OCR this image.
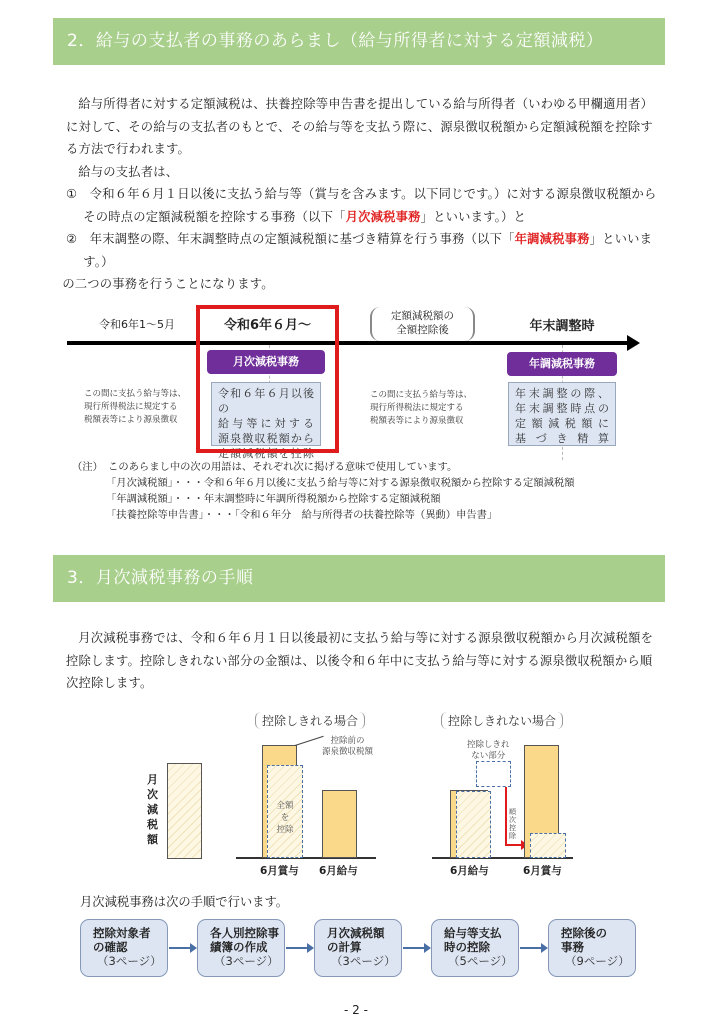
2．給与の支払者の事務のあらまし（給与所得者に対する定額減税）

給与所得者に対する定額減税は、扶養控除等申告書を提出している給与所得者（いわゆる甲欄適用者）に対して、その給与の支払者のもとで、その給与等を支払う際に、源泉徴収税額から定額減税額を控除する方法で行われます。

給与の支払者は、

①　令和６年６月１日以後に支払う給与等（賞与を含みます。以下同じです。）に対する源泉徴収税額からその時点の定額減税額を控除する事務（以下「月次減税事務」といいます。）と

②　年末調整の際、年末調整時点の定額減税額に基づき精算を行う事務（以下「年調減税事務」といいます。）

の二つの事務を行うことになります。

令和6年1～5月	令和6年６月～
定額減税額の
全額控除後	年末調整時
月次減税事務	年調減税事務
令和６年６月以後の
給与等に対する
源泉徴収税額から
定額減税額を控除
年末調整の際、
年末調整時点の
定額減税額に
基づき精算
この間に支払う給与等は、
現行所得税法に規定する
税額表等により源泉徴収
この間に支払う給与等は、
現行所得税法に規定する
税額表等により源泉徴収
（注）　このあらまし中の次の用語は、それぞれ次に掲げる意味で使用しています。
「月次減税額」・・・令和６年６月以後に支払う給与等に対する源泉徴収税額から控除する定額減税額
「年調減税額」・・・年末調整時に年調所得税額から控除する定額減税額
「扶養控除等申告書」・・・「令和６年分　給与所得者の扶養控除等（異動）申告書」
3．月次減税事務の手順

月次減税事務では、令和６年６月１日以後最初に支払う給与等に対する源泉徴収税額から月次減税額を控除します。控除しきれない部分の金額は、以後令和６年中に支払う給与等に対する源泉徴収税額から順次控除します。

月次減税額
控除しきれる場合
全額
を
控除
控除前の
源泉徴収税額
6月賞与 6月給与
控除しきれない場合
控除しきれ
ない部分
順
次
控
除
6月給与	6月賞与
月次減税事務は次の手順で行います。
控除対象者
の確認
（3ページ）
各人別控除事
績簿の作成
（3ページ）
月次減税額
の計算
（3ページ）
給与等支払
時の控除
（5ページ）
控除後の
事務
（9ページ）
- 2 -
